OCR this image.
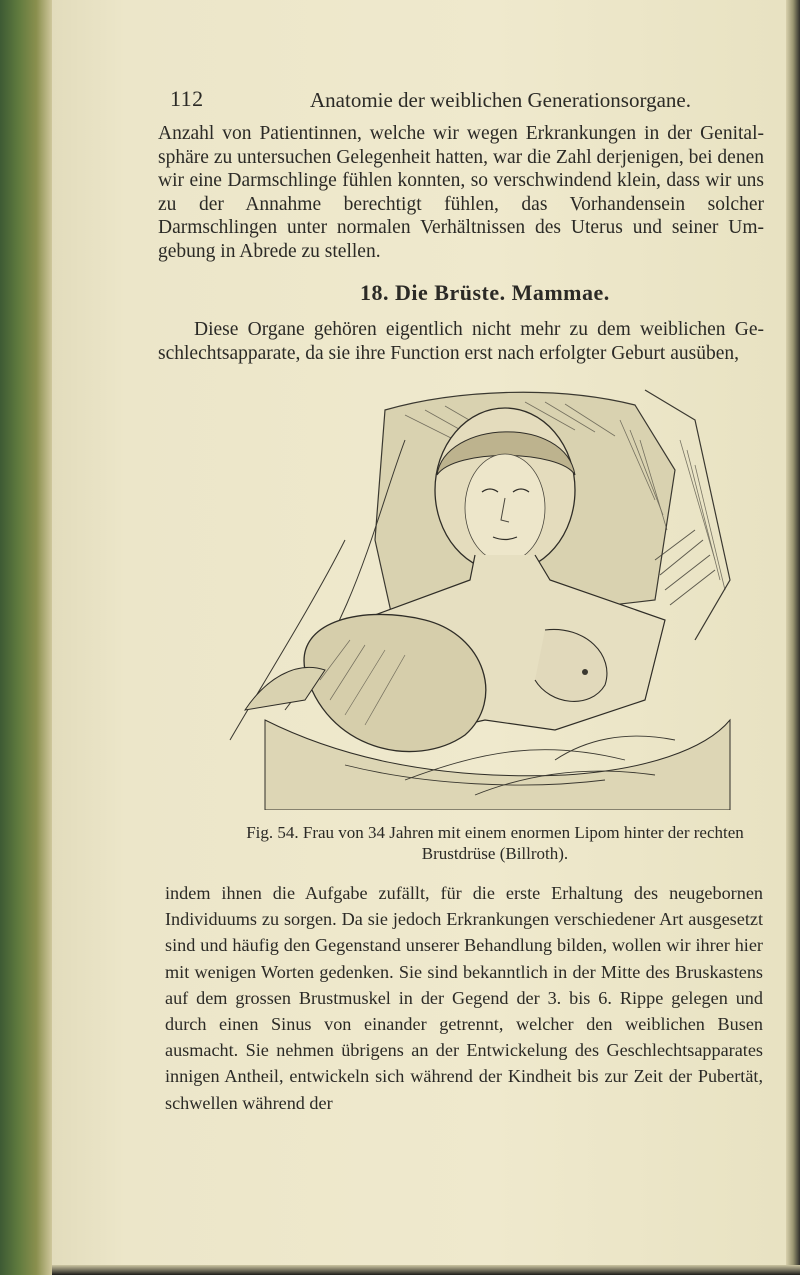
112	Anatomie der weiblichen Generationsorgane.

Anzahl von Patientinnen, welche wir wegen Erkrankungen in der Genital- sphäre zu untersuchen Gelegenheit hatten, war die Zahl derjenigen, bei denen wir eine Darmschlinge fühlen konnten, so verschwindend klein, dass wir uns zu der Annahme berechtigt fühlen, das Vorhandensein solcher Darmschlingen unter normalen Verhältnissen des Uterus und seiner Um- gebung in Abrede zu stellen.

18. Die Brüste. Mammae.

Diese Organe gehören eigentlich nicht mehr zu dem weiblichen Ge- schlechtsapparate, da sie ihre Function erst nach erfolgter Geburt ausüben,

Fig. 54. Frau von 34 Jahren mit einem enormen Lipom hinter der rechten
Brustdrüse (Billroth).

indem ihnen die Aufgabe zufällt, für die erste Erhaltung des neugebornen Individuums zu sorgen. Da sie jedoch Erkrankungen verschiedener Art ausgesetzt sind und häufig den Gegenstand unserer Behandlung bilden, wollen wir ihrer hier mit wenigen Worten gedenken. Sie sind bekanntlich in der Mitte des Bruskastens auf dem grossen Brustmuskel in der Gegend der 3. bis 6. Rippe gelegen und durch einen Sinus von einander getrennt, welcher den weiblichen Busen ausmacht. Sie nehmen übrigens an der Entwickelung des Geschlechtsapparates innigen Antheil, entwickeln sich während der Kindheit bis zur Zeit der Pubertät, schwellen während der
